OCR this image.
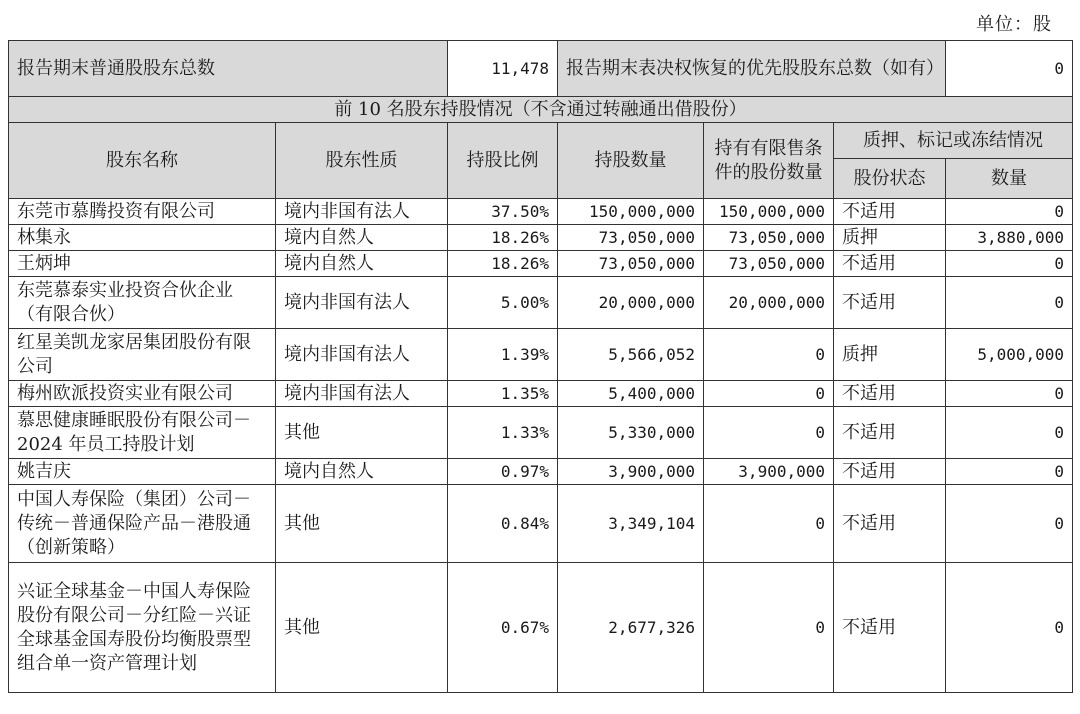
单位：股
报告期末普通股股东总数		11,478	报告期末表决权恢复的优先股股东总数（如有）			0
前 10 名股东持股情况（不含通过转融通出借股份）						
股东名称	股东性质	持股比例	持股数量	持有有限售条件的股份数量	质押、标记或冻结情况	
					股份状态	数量
东莞市慕腾投资有限公司	境内非国有法人	37.50%	150,000,000	150,000,000	不适用	0
林集永	境内自然人	18.26%	73,050,000	73,050,000	质押	3,880,000
王炳坤	境内自然人	18.26%	73,050,000	73,050,000	不适用	0
东莞慕泰实业投资合伙企业（有限合伙）	境内非国有法人	5.00%	20,000,000	20,000,000	不适用	0
红星美凯龙家居集团股份有限公司	境内非国有法人	1.39%	5,566,052	0	质押	5,000,000
梅州欧派投资实业有限公司	境内非国有法人	1.35%	5,400,000	0	不适用	0
慕思健康睡眠股份有限公司－2024 年员工持股计划	其他	1.33%	5,330,000	0	不适用	0
姚吉庆	境内自然人	0.97%	3,900,000	3,900,000	不适用	0
中国人寿保险（集团）公司－传统－普通保险产品－港股通（创新策略）	其他	0.84%	3,349,104	0	不适用	0
兴证全球基金－中国人寿保险股份有限公司－分红险－兴证全球基金国寿股份均衡股票型组合单一资产管理计划	其他	0.67%	2,677,326	0	不适用	0
